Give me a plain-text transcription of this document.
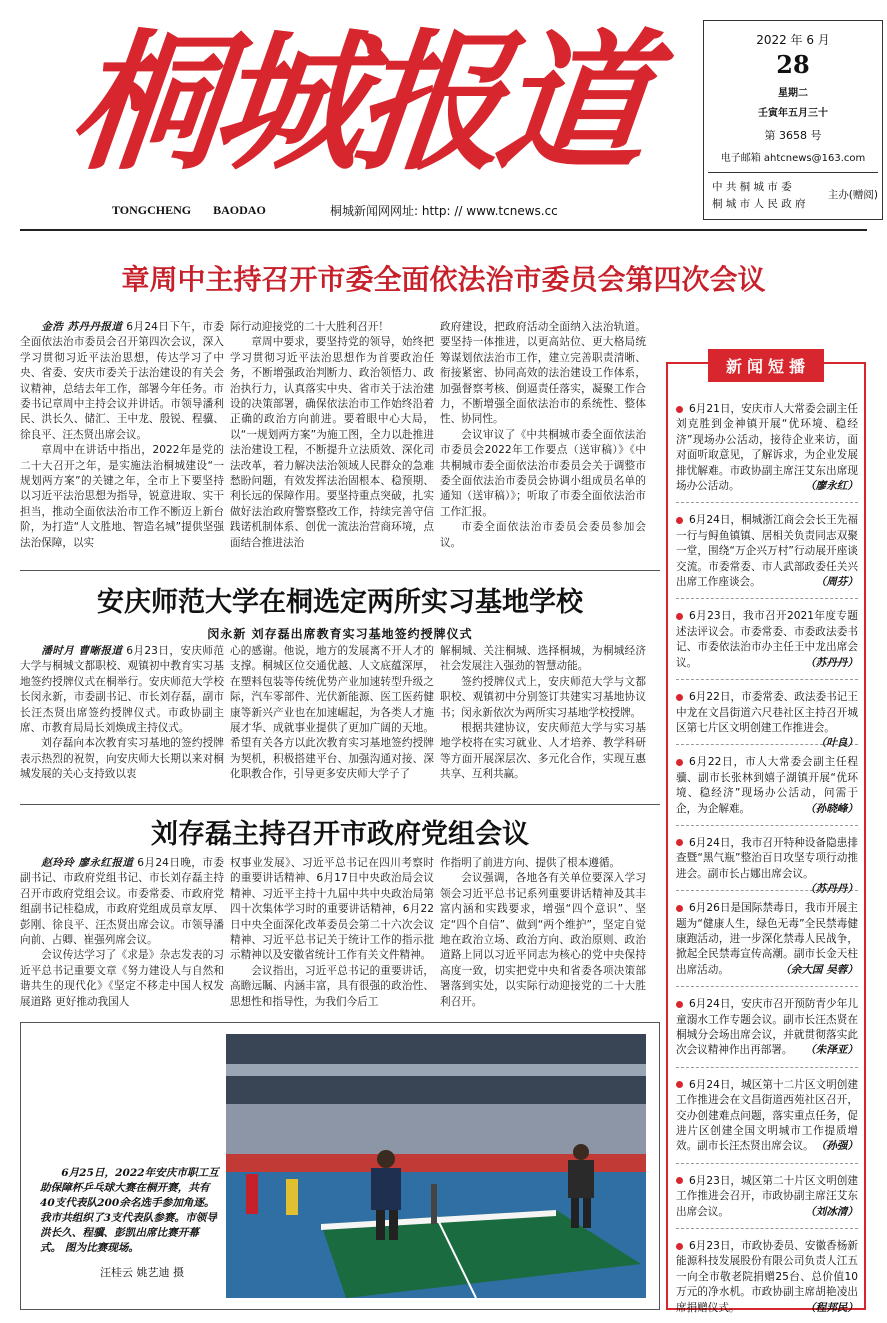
桐城报道
TONGCHENG BAODAO	桐城新闻网网址: http: // www.tcnews.cc
2022 年 6 月
28
星期二
壬寅年五月三十
第 3658 号
电子邮箱 ahtcnews@163.com
中 共 桐 城 市 委
桐 城 市 人 民 政 府
主办(赠阅)
章周中主持召开市委全面依法治市委员会第四次会议

金浩 苏丹丹报道 6月24日下午，市委全面依法治市委员会召开第四次会议，深入学习贯彻习近平法治思想，传达学习了中央、省委、安庆市委关于法治建设的有关会议精神，总结去年工作，部署今年任务。市委书记章周中主持会议并讲话。市领导潘利民、洪长久、储汇、王中龙、殷锐、程骥、徐良平、汪杰贤出席会议。

章周中在讲话中指出，2022年是党的二十大召开之年，是实施法治桐城建设“一规划两方案”的关键之年，全市上下要坚持以习近平法治思想为指导，锐意进取、实干担当，推动全面依法治市工作不断迈上新台阶，为打造“人文胜地、智造名城”提供坚强法治保障，以实

际行动迎接党的二十大胜利召开！

章周中要求，要坚持党的领导，始终把学习贯彻习近平法治思想作为首要政治任务，不断增强政治判断力、政治领悟力、政治执行力，认真落实中央、省市关于法治建设的决策部署，确保依法治市工作始终沿着正确的政治方向前进。要着眼中心大局，以“一规划两方案”为施工图，全力以赴推进法治建设工程，不断提升立法质效、深化司法改革，着力解决法治领域人民群众的急难愁盼问题，有效发挥法治固根本、稳预期、利长远的保障作用。要坚持重点突破，扎实做好法治政府警察整改工作，持续完善守信践诺机制体系、创优一流法治营商环境，点面结合推进法治

政府建设，把政府活动全面纳入法治轨道。要坚持一体推进，以更高站位、更大格局统筹谋划依法治市工作，建立完善职责清晰、衔接紧密、协同高效的法治建设工作体系，加强督察考核、倒逼责任落实，凝聚工作合力，不断增强全面依法治市的系统性、整体性、协同性。

会议审议了《中共桐城市委全面依法治市委员会2022年工作要点（送审稿）》《中共桐城市委全面依法治市委员会关于调整市委全面依法治市委员会协调小组成员名单的通知（送审稿）》；听取了市委全面依法治市工作汇报。

市委全面依法治市委员会委员参加会议。

安庆师范大学在桐选定两所实习基地学校
闵永新 刘存磊出席教育实习基地签约授牌仪式

潘时月 曹晰报道 6月23日，安庆师范大学与桐城文都职校、观镇初中教育实习基地签约授牌仪式在桐举行。安庆师范大学校长闵永新，市委副书记、市长刘存磊，副市长汪杰贤出席签约授牌仪式。市政协副主席、市教育局局长刘焕成主持仪式。

刘存磊向本次教育实习基地的签约授牌表示热烈的祝贺，向安庆师大长期以来对桐城发展的关心支持致以衷

心的感谢。他说，地方的发展离不开人才的支撑。桐城区位交通优越、人文底蕴深厚，在塑料包装等传统优势产业加速转型升级之际，汽车零部件、光伏新能源、医工医药健康等新兴产业也在加速崛起，为各类人才施展才华、成就事业提供了更加广阔的天地。希望有关各方以此次教育实习基地签约授牌为契机，积极搭建平台、加强沟通对接、深化职教合作，引导更多安庆师大学子了

解桐城、关注桐城、选择桐城，为桐城经济社会发展注入强劲的智慧动能。

签约授牌仪式上，安庆师范大学与文都职校、观镇初中分别签订共建实习基地协议书；闵永新依次为两所实习基地学校授牌。

根据共建协议，安庆师范大学与实习基地学校将在实习就业、人才培养、教学科研等方面开展深层次、多元化合作，实现互惠共享、互利共赢。

刘存磊主持召开市政府党组会议

赵玲玲 廖永红报道 6月24日晚，市委副书记、市政府党组书记、市长刘存磊主持召开市政府党组会议。市委常委、市政府党组副书记桂稳成，市政府党组成员章友厚、彭刚、徐良平、汪杰贤出席会议。市领导潘向前、占卿、崔强列席会议。

会议传达学习了《求是》杂志发表的习近平总书记重要文章《努力建设人与自然和谐共生的现代化》《坚定不移走中国人权发展道路 更好推动我国人

权事业发展》、习近平总书记在四川考察时的重要讲话精神、6月17日中央政治局会议精神、习近平主持十九届中共中央政治局第四十次集体学习时的重要讲话精神，6月22日中央全面深化改革委员会第二十六次会议精神、习近平总书记关于统计工作的指示批示精神以及安徽省统计工作有关文件精神。

会议指出，习近平总书记的重要讲话，高瞻远瞩、内涵丰富，具有很强的政治性、思想性和指导性，为我们今后工

作指明了前进方向、提供了根本遵循。

会议强调，各地各有关单位要深入学习领会习近平总书记系列重要讲话精神及其丰富内涵和实践要求，增强“四个意识”、坚定“四个自信”、做到“两个维护”，坚定自觉地在政治立场、政治方向、政治原则、政治道路上同以习近平同志为核心的党中央保持高度一致，切实把党中央和省委各项决策部署落到实处，以实际行动迎接党的二十大胜利召开。

6月25日，2022年安庆市职工互助保障杯乒乓球大赛在桐开赛，共有40支代表队200余名选手参加角逐。我市共组织了3支代表队参赛。市领导洪长久、程骥、彭凯出席比赛开幕式。 图为比赛现场。
汪桂云 姚艺迪 摄
新闻短播
6月21日，安庆市人大常委会副主任刘克胜到金神镇开展“优环境、稳经济”现场办公活动，接待企业来访，面对面听取意见，了解诉求，为企业发展排忧解难。市政协副主席汪艾东出席现场办公活动。	（廖永红）
6月24日，桐城浙江商会会长王先福一行与鲟鱼镇镇、居相关负责同志双聚一堂，围绕“万企兴万村”行动展开座谈交流。市委常委、市人武部政委任关兴出席工作座谈会。	（周芬）
6月23日，我市召开2021年度专题述法评议会。市委常委、市委政法委书记、市委依法治市办主任王中龙出席会议。	（苏丹丹）
6月22日，市委常委、政法委书记王中龙在文昌街道六尺巷社区主持召开城区第七片区文明创建工作推进会。
（叶良）
6月22日，市人大常委会副主任程骥、副市长张林到嬉子湖镇开展“优环境、稳经济”现场办公活动，问需于企，为企解难。	（孙晓峰）
6月24日，我市召开特种设备隐患排查暨“黑气瓶”整治百日攻坚专项行动推进会。副市长占娜出席会议。
（苏丹丹）
6月26日是国际禁毒日，我市开展主题为“健康人生，绿色无毒”全民禁毒健康跑活动，进一步深化禁毒人民战争，掀起全民禁毒宣传高潮。副市长金天柱出席活动。	（余大国 吴蓉）
6月24日，安庆市召开预防青少年儿童溺水工作专题会议。副市长汪杰贤在桐城分会场出席会议，并就贯彻落实此次会议精神作出再部署。 （朱泽亚）
6月24日，城区第十二片区文明创建工作推进会在文昌街道西苑社区召开，交办创建难点问题，落实重点任务，促进片区创建全国文明城市工作提质增效。副市长汪杰贤出席会议。 （孙强）
6月23日，城区第二十片区文明创建工作推进会召开，市政协副主席汪艾东出席会议。	（刘冰清）
6月23日，市政协委员、安徽香杨新能源科技发展股份有限公司负责人江五一向全市敬老院捐赠25台、总价值10万元的净水机。市政协副主席胡艳凌出席捐赠仪式。	（程邦民）
